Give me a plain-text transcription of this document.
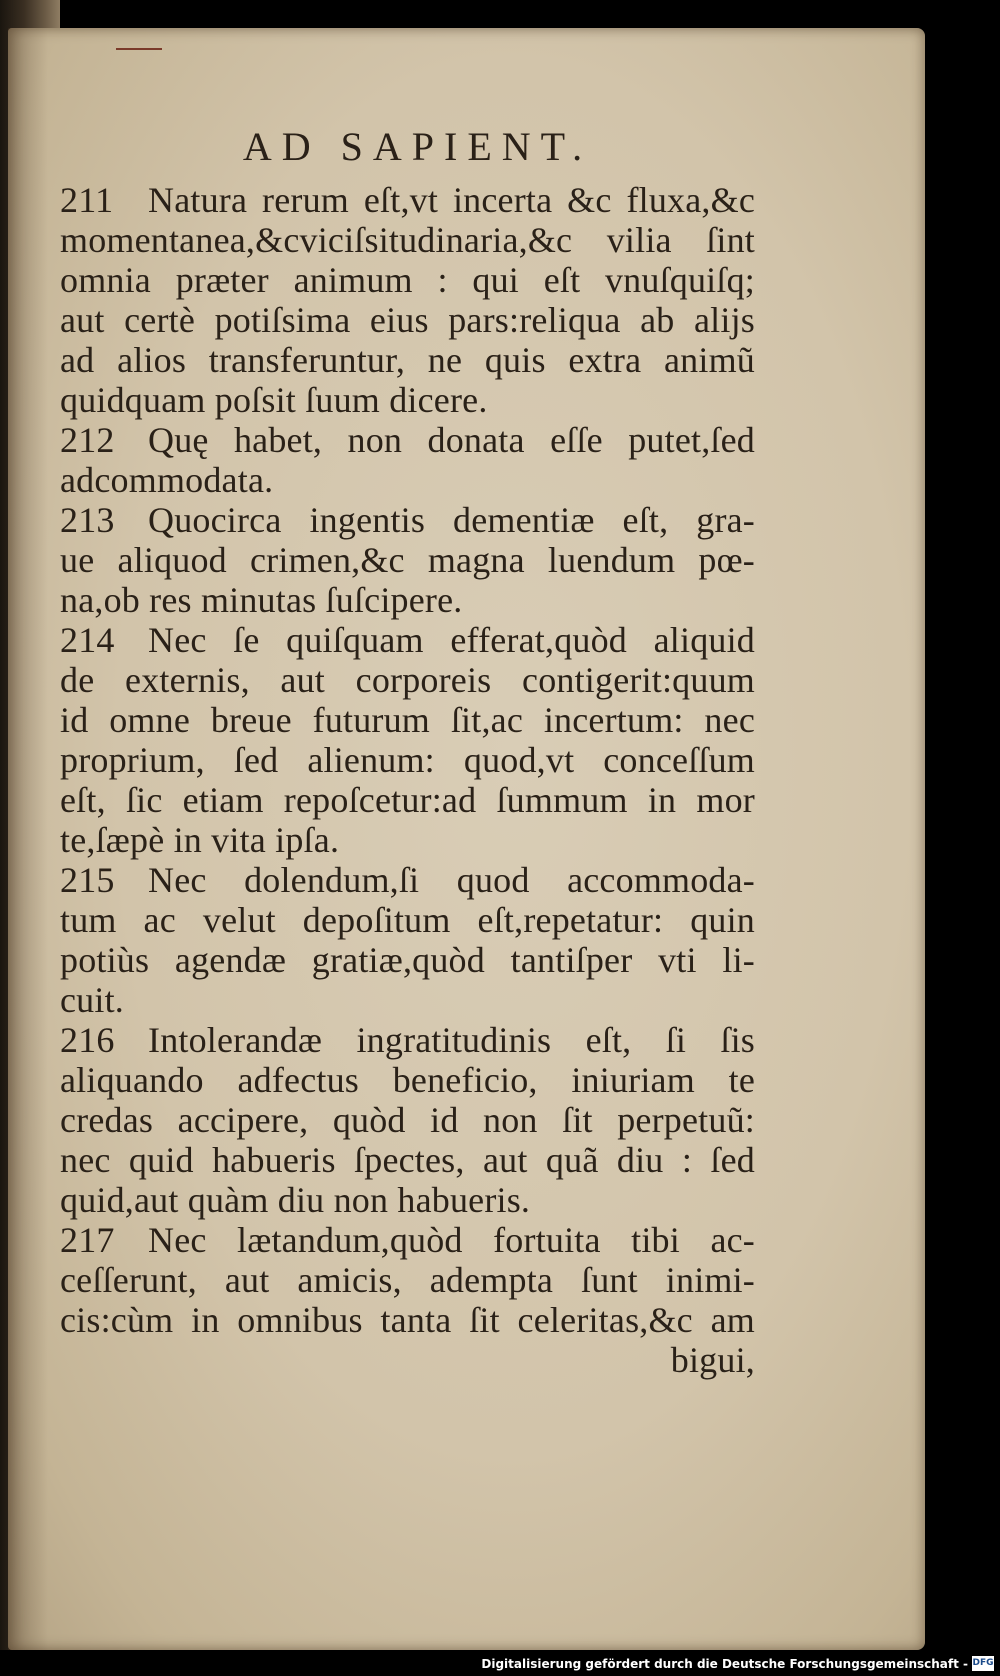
AD SAPIENT.
211 Natura rerum eſt,vt incerta &c fluxa,&c
momentanea,&cviciſsitudinaria,&c vilia ſint
omnia præter animum : qui eſt vnuſquiſq;
aut certè potiſsima eius pars:reliqua ab alijs
ad alios transferuntur, ne quis extra animũ
quidquam poſsit ſuum dicere.
212 Quę habet, non donata eſſe putet,ſed
adcommodata.
213 Quocirca ingentis dementiæ eſt, gra-
ue aliquod crimen,&c magna luendum pœ-
na,ob res minutas ſuſcipere.
214 Nec ſe quiſquam efferat,quòd aliquid
de externis, aut corporeis contigerit:quum
id omne breue futurum ſit,ac incertum: nec
proprium, ſed alienum: quod,vt conceſſum
eſt, ſic etiam repoſcetur:ad ſummum in mor
te,ſæpè in vita ipſa.
215 Nec dolendum,ſi quod accommoda-
tum ac velut depoſitum eſt,repetatur: quin
potiùs agendæ gratiæ,quòd tantiſper vti li-
cuit.
216 Intolerandæ ingratitudinis eſt, ſi ſis
aliquando adfectus beneficio, iniuriam te
credas accipere, quòd id non ſit perpetuũ:
nec quid habueris ſpectes, aut quã diu : ſed
quid,aut quàm diu non habueris.
217 Nec lætandum,quòd fortuita tibi ac-
ceſſerunt, aut amicis, adempta ſunt inimi-
cis:cùm in omnibus tanta ſit celeritas,&c am
bigui,
Digitalisierung gefördert durch die Deutsche Forschungsgemeinschaft - DFG
